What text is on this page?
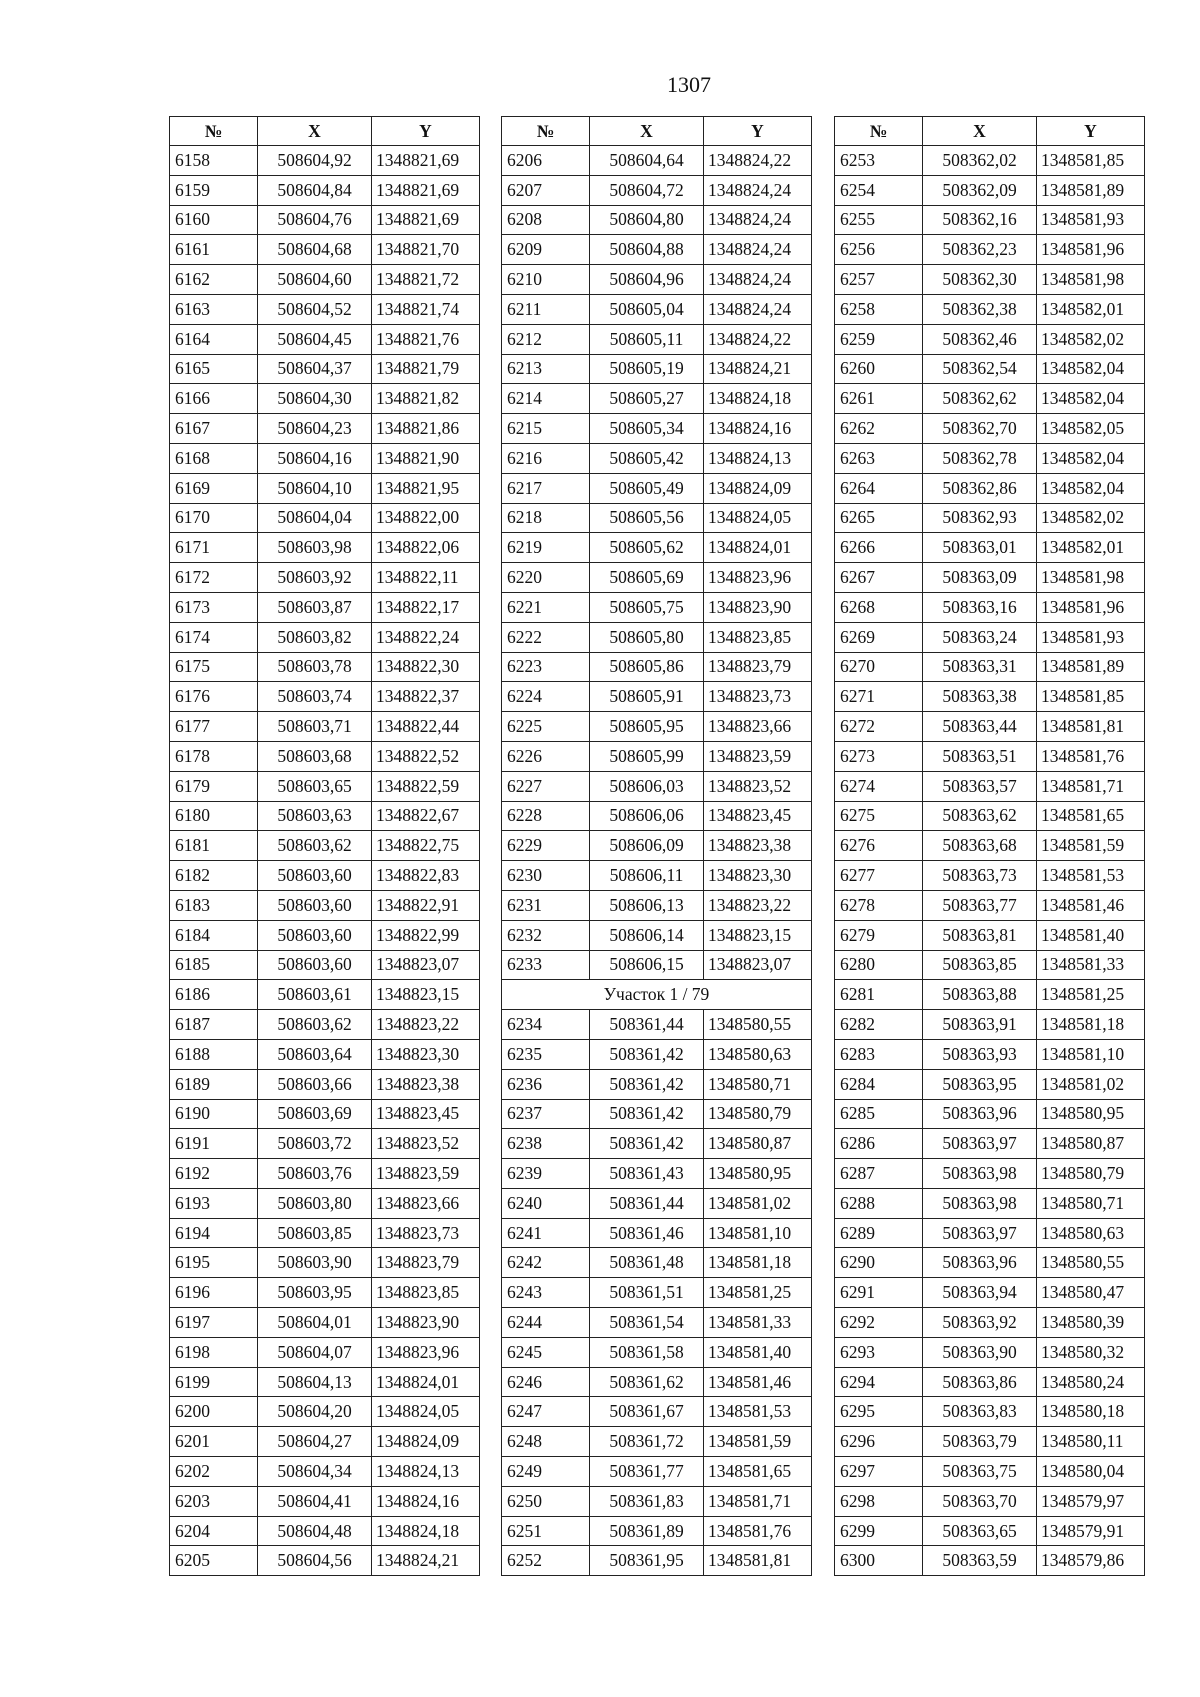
1307
№	X	Y
6158	508604,92	1348821,69
6159	508604,84	1348821,69
6160	508604,76	1348821,69
6161	508604,68	1348821,70
6162	508604,60	1348821,72
6163	508604,52	1348821,74
6164	508604,45	1348821,76
6165	508604,37	1348821,79
6166	508604,30	1348821,82
6167	508604,23	1348821,86
6168	508604,16	1348821,90
6169	508604,10	1348821,95
6170	508604,04	1348822,00
6171	508603,98	1348822,06
6172	508603,92	1348822,11
6173	508603,87	1348822,17
6174	508603,82	1348822,24
6175	508603,78	1348822,30
6176	508603,74	1348822,37
6177	508603,71	1348822,44
6178	508603,68	1348822,52
6179	508603,65	1348822,59
6180	508603,63	1348822,67
6181	508603,62	1348822,75
6182	508603,60	1348822,83
6183	508603,60	1348822,91
6184	508603,60	1348822,99
6185	508603,60	1348823,07
6186	508603,61	1348823,15
6187	508603,62	1348823,22
6188	508603,64	1348823,30
6189	508603,66	1348823,38
6190	508603,69	1348823,45
6191	508603,72	1348823,52
6192	508603,76	1348823,59
6193	508603,80	1348823,66
6194	508603,85	1348823,73
6195	508603,90	1348823,79
6196	508603,95	1348823,85
6197	508604,01	1348823,90
6198	508604,07	1348823,96
6199	508604,13	1348824,01
6200	508604,20	1348824,05
6201	508604,27	1348824,09
6202	508604,34	1348824,13
6203	508604,41	1348824,16
6204	508604,48	1348824,18
6205	508604,56	1348824,21
№	X	Y
6206	508604,64	1348824,22
6207	508604,72	1348824,24
6208	508604,80	1348824,24
6209	508604,88	1348824,24
6210	508604,96	1348824,24
6211	508605,04	1348824,24
6212	508605,11	1348824,22
6213	508605,19	1348824,21
6214	508605,27	1348824,18
6215	508605,34	1348824,16
6216	508605,42	1348824,13
6217	508605,49	1348824,09
6218	508605,56	1348824,05
6219	508605,62	1348824,01
6220	508605,69	1348823,96
6221	508605,75	1348823,90
6222	508605,80	1348823,85
6223	508605,86	1348823,79
6224	508605,91	1348823,73
6225	508605,95	1348823,66
6226	508605,99	1348823,59
6227	508606,03	1348823,52
6228	508606,06	1348823,45
6229	508606,09	1348823,38
6230	508606,11	1348823,30
6231	508606,13	1348823,22
6232	508606,14	1348823,15
6233	508606,15	1348823,07
Участок 1 / 79		
6234	508361,44	1348580,55
6235	508361,42	1348580,63
6236	508361,42	1348580,71
6237	508361,42	1348580,79
6238	508361,42	1348580,87
6239	508361,43	1348580,95
6240	508361,44	1348581,02
6241	508361,46	1348581,10
6242	508361,48	1348581,18
6243	508361,51	1348581,25
6244	508361,54	1348581,33
6245	508361,58	1348581,40
6246	508361,62	1348581,46
6247	508361,67	1348581,53
6248	508361,72	1348581,59
6249	508361,77	1348581,65
6250	508361,83	1348581,71
6251	508361,89	1348581,76
6252	508361,95	1348581,81
№	X	Y
6253	508362,02	1348581,85
6254	508362,09	1348581,89
6255	508362,16	1348581,93
6256	508362,23	1348581,96
6257	508362,30	1348581,98
6258	508362,38	1348582,01
6259	508362,46	1348582,02
6260	508362,54	1348582,04
6261	508362,62	1348582,04
6262	508362,70	1348582,05
6263	508362,78	1348582,04
6264	508362,86	1348582,04
6265	508362,93	1348582,02
6266	508363,01	1348582,01
6267	508363,09	1348581,98
6268	508363,16	1348581,96
6269	508363,24	1348581,93
6270	508363,31	1348581,89
6271	508363,38	1348581,85
6272	508363,44	1348581,81
6273	508363,51	1348581,76
6274	508363,57	1348581,71
6275	508363,62	1348581,65
6276	508363,68	1348581,59
6277	508363,73	1348581,53
6278	508363,77	1348581,46
6279	508363,81	1348581,40
6280	508363,85	1348581,33
6281	508363,88	1348581,25
6282	508363,91	1348581,18
6283	508363,93	1348581,10
6284	508363,95	1348581,02
6285	508363,96	1348580,95
6286	508363,97	1348580,87
6287	508363,98	1348580,79
6288	508363,98	1348580,71
6289	508363,97	1348580,63
6290	508363,96	1348580,55
6291	508363,94	1348580,47
6292	508363,92	1348580,39
6293	508363,90	1348580,32
6294	508363,86	1348580,24
6295	508363,83	1348580,18
6296	508363,79	1348580,11
6297	508363,75	1348580,04
6298	508363,70	1348579,97
6299	508363,65	1348579,91
6300	508363,59	1348579,86
